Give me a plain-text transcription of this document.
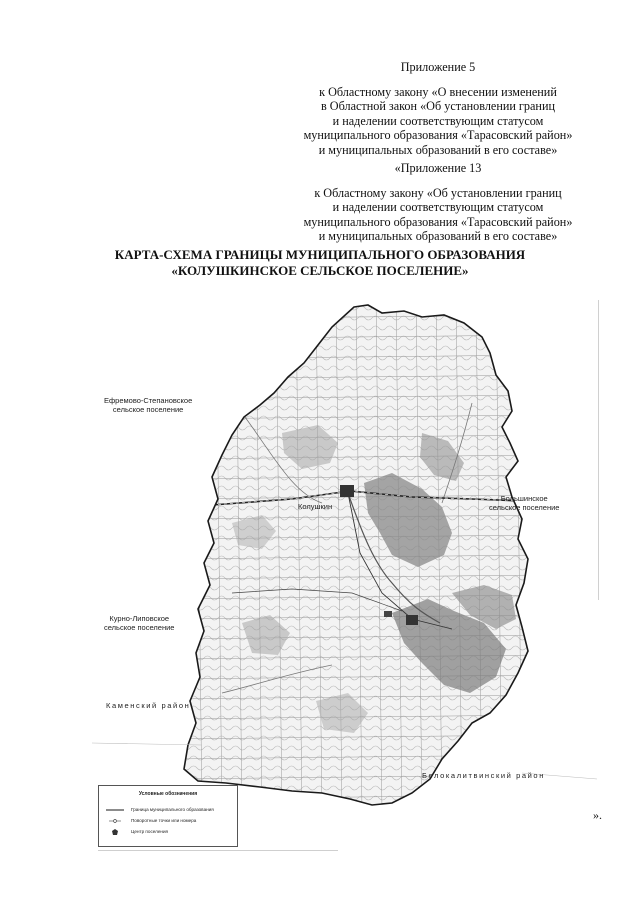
Приложение 5
к Областному закону «О внесении изменений
в Областной закон «Об установлении границ
и наделении соответствующим статусом
муниципального образования «Тарасовский район»
и муниципальных образований в его составе»
«Приложение 13
к Областному закону «Об установлении границ
и наделении соответствующим статусом
муниципального образования «Тарасовский район»
и муниципальных образований в его составе»
КАРТА-СХЕМА ГРАНИЦЫ МУНИЦИПАЛЬНОГО ОБРАЗОВАНИЯ
«КОЛУШКИНСКОЕ СЕЛЬСКОЕ ПОСЕЛЕНИЕ»
Ефремово-Степановское
сельское поселение
Большинское
сельское поселение
Курно-Липовское
сельское поселение
Колушкин
Каменский район
Белокалитвинский район
Условные обозначения
Граница муниципального образования
Поворотные точки или номера
Центр поселения
».
